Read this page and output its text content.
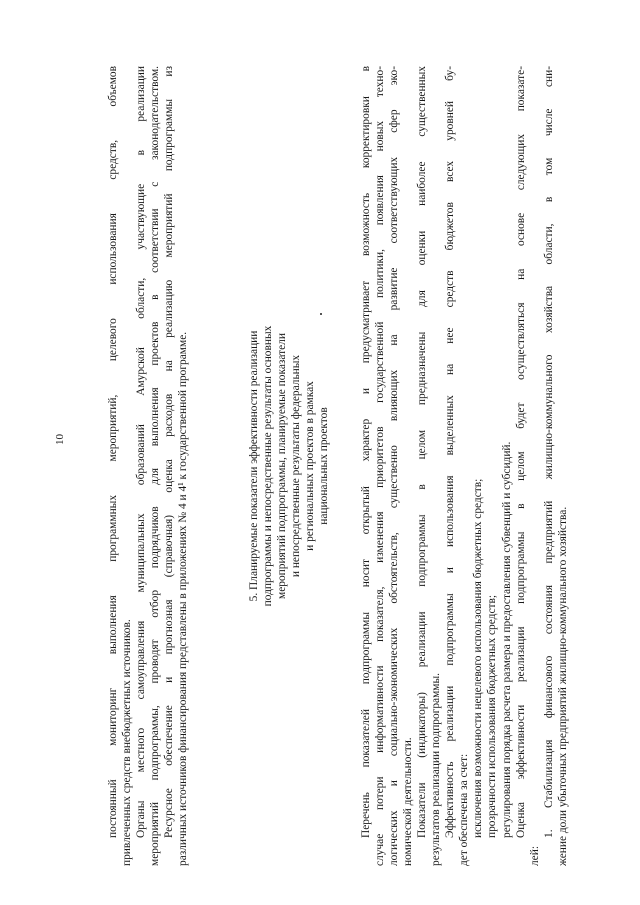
10	постоянный мониторинг выполнения программных мероприятий, целевого использования средств, объемов привлеченных средств внебюджетных источников. Органы местного самоуправления муниципальных образований Амурской области, участвующие в реализации мероприятий подпрограммы, проводят отбор подрядчиков для выполнения проектов в соответствии с законодательством. Ресурсное обеспечение и прогнозная (справочная) оценка расходов на реализацию мероприятий подпрограммы из различных источников финансирования представлены в приложениях № 4 и 4¹ к государственной программе.	5. Планируемые показатели эффективности реализации подпрограммы и непосредственные результаты основных мероприятий подпрограммы, планируемые показатели и непосредственные результаты федеральных и региональных проектов в рамках национальных проектов	Перечень показателей подпрограммы носит открытый характер и предусматривает возможность корректировки в случае потери информативности показателя, изменения приоритетов государственной политики, появления новых техно- логических и социально-экономических обстоятельств, существенно влияющих на развитие соответствующих сфер эко- номической деятельности. Показатели (индикаторы) реализации подпрограммы в целом предназначены для оценки наиболее существенных результатов реализации подпрограммы. Эффективность реализации подпрограммы и использования выделенных на нее средств бюджетов всех уровней бу- дет обеспечена за счет: исключения возможности нецелевого использования бюджетных средств; прозрачности использования бюджетных средств; регулирования порядка расчета размера и предоставления субвенций и субсидий. Оценка эффективности реализации подпрограммы в целом будет осуществляться на основе следующих показате-

лей:

1. Стабилизация финансового состояния предприятий жилищно-коммунального хозяйства области, в том числе сни- жение доли убыточных предприятий жилищно-коммунального хозяйства.
